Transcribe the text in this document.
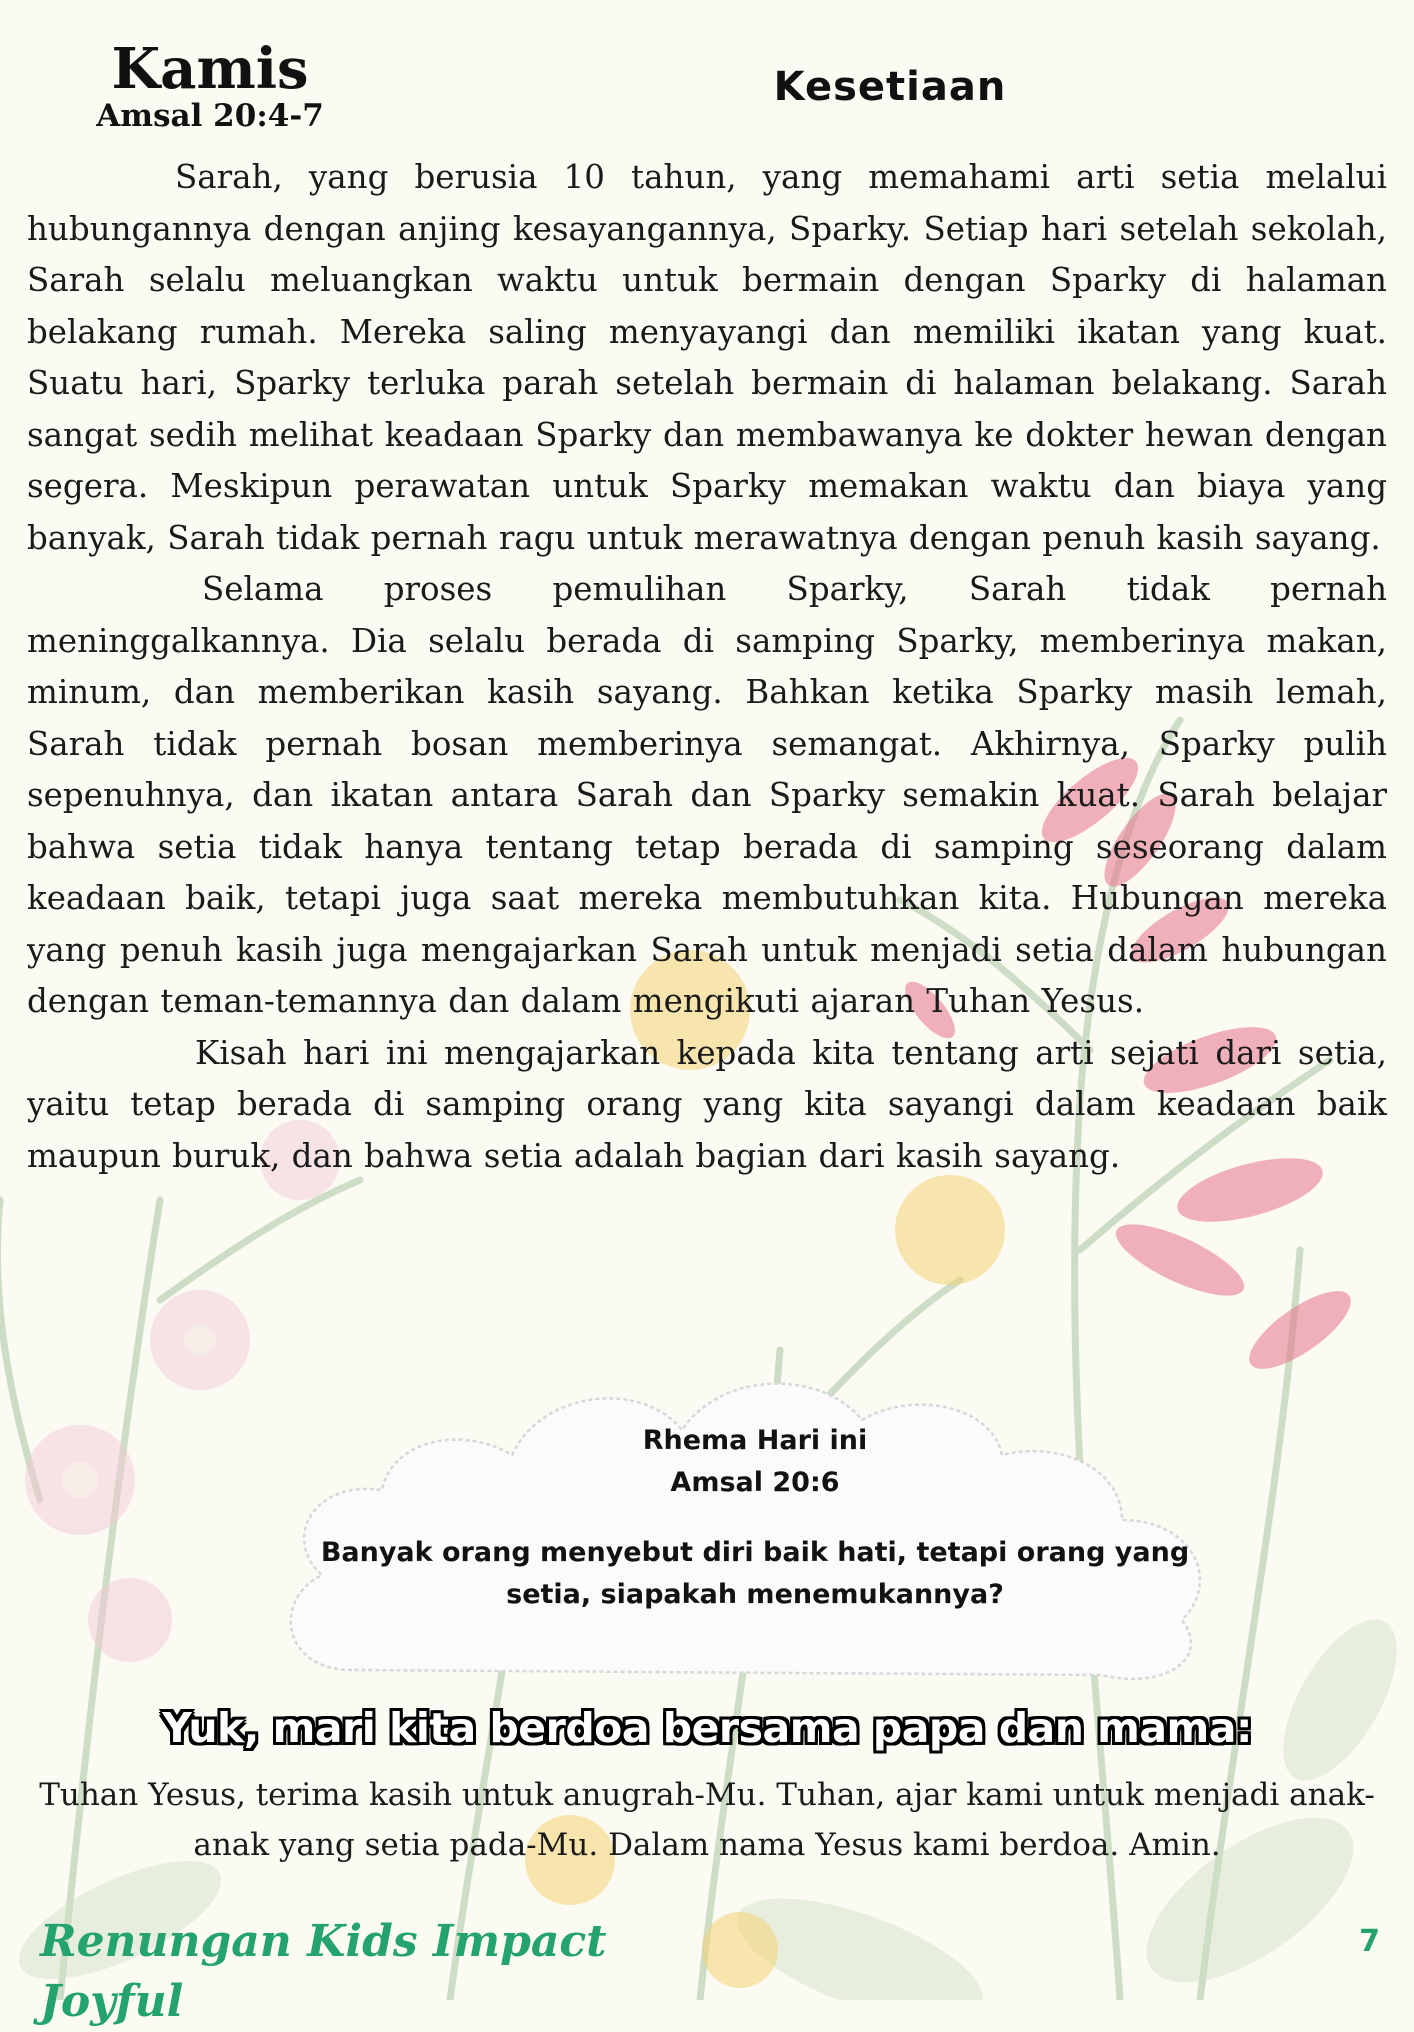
Kamis
Amsal 20:4-7
Kesetiaan

Sarah, yang berusia 10 tahun, yang memahami arti setia melalui hubungannya dengan anjing kesayangannya, Sparky. Setiap hari setelah sekolah, Sarah selalu meluangkan waktu untuk bermain dengan Sparky di halaman belakang rumah. Mereka saling menyayangi dan memiliki ikatan yang kuat. Suatu hari, Sparky terluka parah setelah bermain di halaman belakang. Sarah sangat sedih melihat keadaan Sparky dan membawanya ke dokter hewan dengan segera. Meskipun perawatan untuk Sparky memakan waktu dan biaya yang banyak, Sarah tidak pernah ragu untuk merawatnya dengan penuh kasih sayang.

Selama proses pemulihan Sparky, Sarah tidak pernah meninggalkannya. Dia selalu berada di samping Sparky, memberinya makan, minum, dan memberikan kasih sayang. Bahkan ketika Sparky masih lemah, Sarah tidak pernah bosan memberinya semangat. Akhirnya, Sparky pulih sepenuhnya, dan ikatan antara Sarah dan Sparky semakin kuat. Sarah belajar bahwa setia tidak hanya tentang tetap berada di samping seseorang dalam keadaan baik, tetapi juga saat mereka membutuhkan kita. Hubungan mereka yang penuh kasih juga mengajarkan Sarah untuk menjadi setia dalam hubungan dengan teman-temannya dan dalam mengikuti ajaran Tuhan Yesus.

Kisah hari ini mengajarkan kepada kita tentang arti sejati dari setia, yaitu tetap berada di samping orang yang kita sayangi dalam keadaan baik maupun buruk, dan bahwa setia adalah bagian dari kasih sayang.

Rhema Hari ini
Amsal 20:6
Banyak orang menyebut diri baik hati, tetapi orang yang setia, siapakah menemukannya?
Yuk, mari kita berdoa bersama papa dan mama:
Tuhan Yesus, terima kasih untuk anugrah-Mu. Tuhan, ajar kami untuk menjadi anak-anak yang setia pada-Mu. Dalam nama Yesus kami berdoa. Amin.
Renungan Kids Impact Joyful
7
